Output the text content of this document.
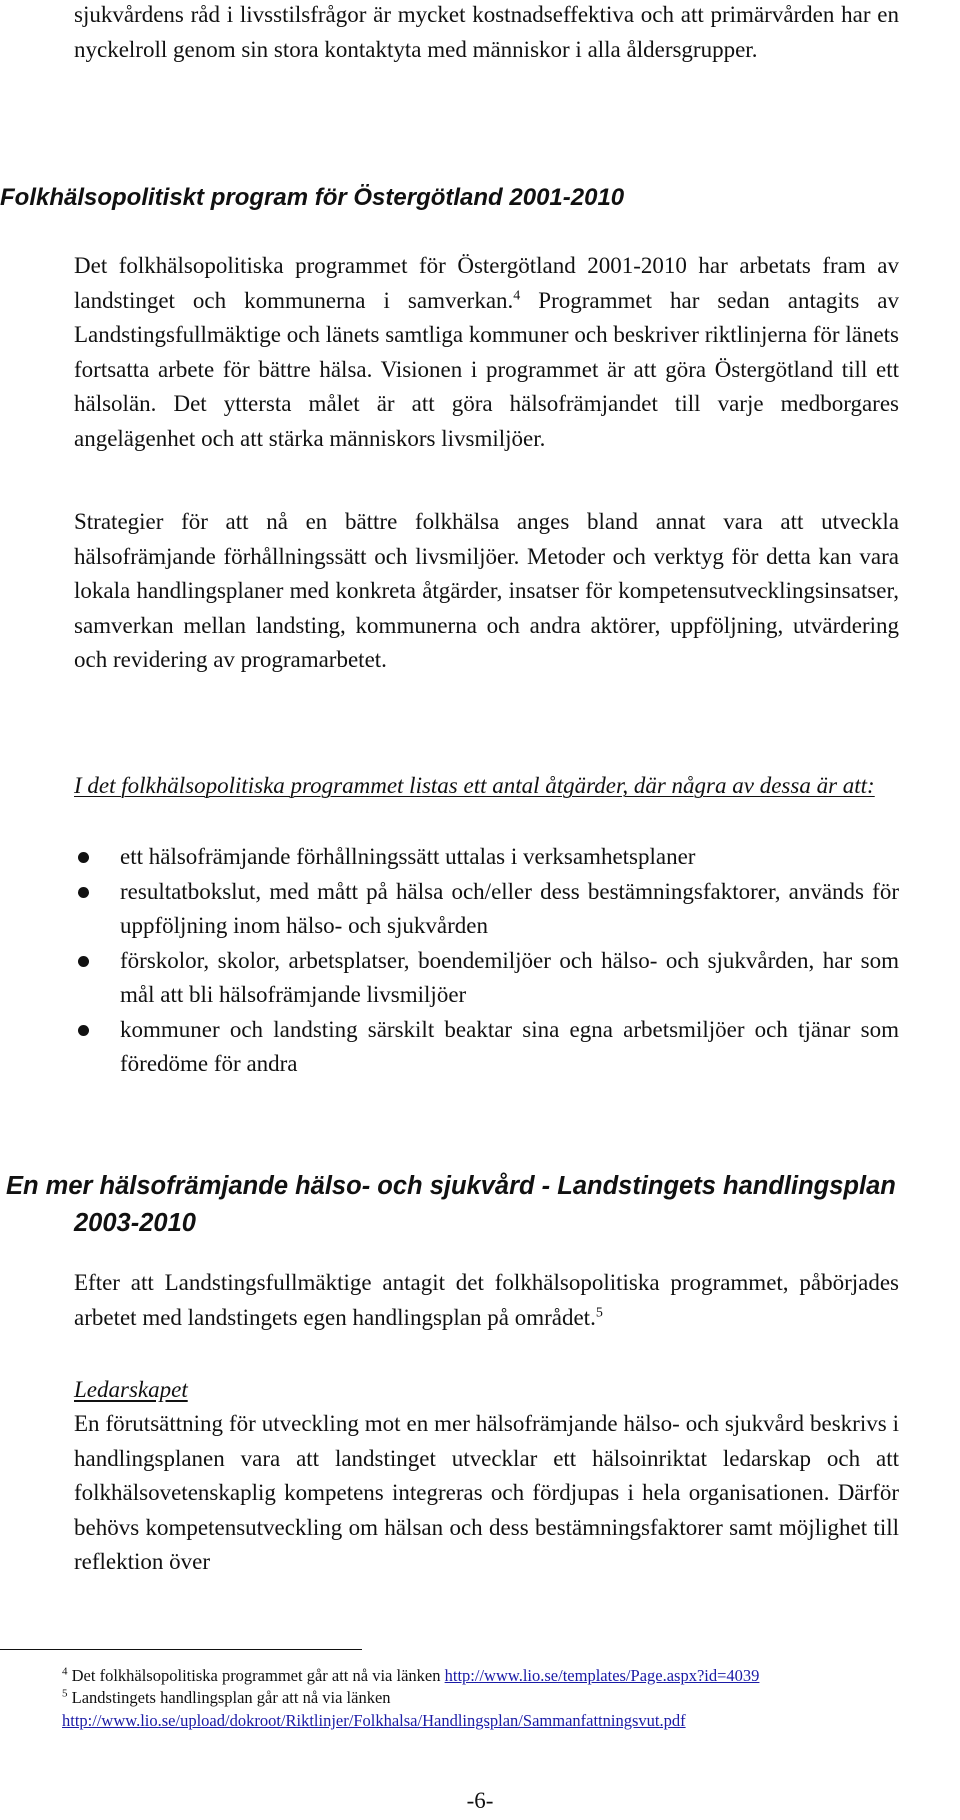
sjukvårdens råd i livsstilsfrågor är mycket kostnadseffektiva och att primärvården har en nyckelroll genom sin stora kontaktyta med människor i alla åldersgrupper.

Folkhälsopolitiskt program för Östergötland 2001-2010

Det folkhälsopolitiska programmet för Östergötland 2001-2010 har arbetats fram av landstinget och kommunerna i samverkan.$^4$ Programmet har sedan antagits av Landstingsfullmäktige och länets samtliga kommuner och beskriver riktlinjerna för länets fortsatta arbete för bättre hälsa. Visionen i programmet är att göra Östergötland till ett hälsolän. Det yttersta målet är att göra hälsofrämjandet till varje medborgares angelägenhet och att stärka människors livsmiljöer.

Strategier för att nå en bättre folkhälsa anges bland annat vara att utveckla hälsofrämjande förhållningssätt och livsmiljöer. Metoder och verktyg för detta kan vara lokala handlingsplaner med konkreta åtgärder, insatser för kompetensutvecklingsinsatser, samverkan mellan landsting, kommunerna och andra aktörer, uppföljning, utvärdering och revidering av programarbetet.

I det folkhälsopolitiska programmet listas ett antal åtgärder, där några av dessa är att:

ett hälsofrämjande förhållningssätt uttalas i verksamhetsplaner
resultatbokslut, med mått på hälsa och/eller dess bestämningsfaktorer, används för uppföljning inom hälso- och sjukvården
förskolor, skolor, arbetsplatser, boendemiljöer och hälso- och sjukvården, har som mål att bli hälsofrämjande livsmiljöer
kommuner och landsting särskilt beaktar sina egna arbetsmiljöer och tjänar som föredöme för andra
En mer hälsofrämjande hälso- och sjukvård - Landstingets handlingsplan
2003-2010

Efter att Landstingsfullmäktige antagit det folkhälsopolitiska programmet, påbörjades arbetet med landstingets egen handlingsplan på området.$^5$

Ledarskapet

En förutsättning för utveckling mot en mer hälsofrämjande hälso- och sjukvård beskrivs i handlingsplanen vara att landstinget utvecklar ett hälsoinriktat ledarskap och att folkhälsovetenskaplig kompetens integreras och fördjupas i hela organisationen. Därför behövs kompetensutveckling om hälsan och dess bestämningsfaktorer samt möjlighet till reflektion över

$^4$ Det folkhälsopolitiska programmet går att nå via länken http://www.lio.se/templates/Page.aspx?id=4039
$^5$ Landstingets handlingsplan går att nå via länken
http://www.lio.se/upload/dokroot/Riktlinjer/Folkhalsa/Handlingsplan/Sammanfattningsvut.pdf
-6-
